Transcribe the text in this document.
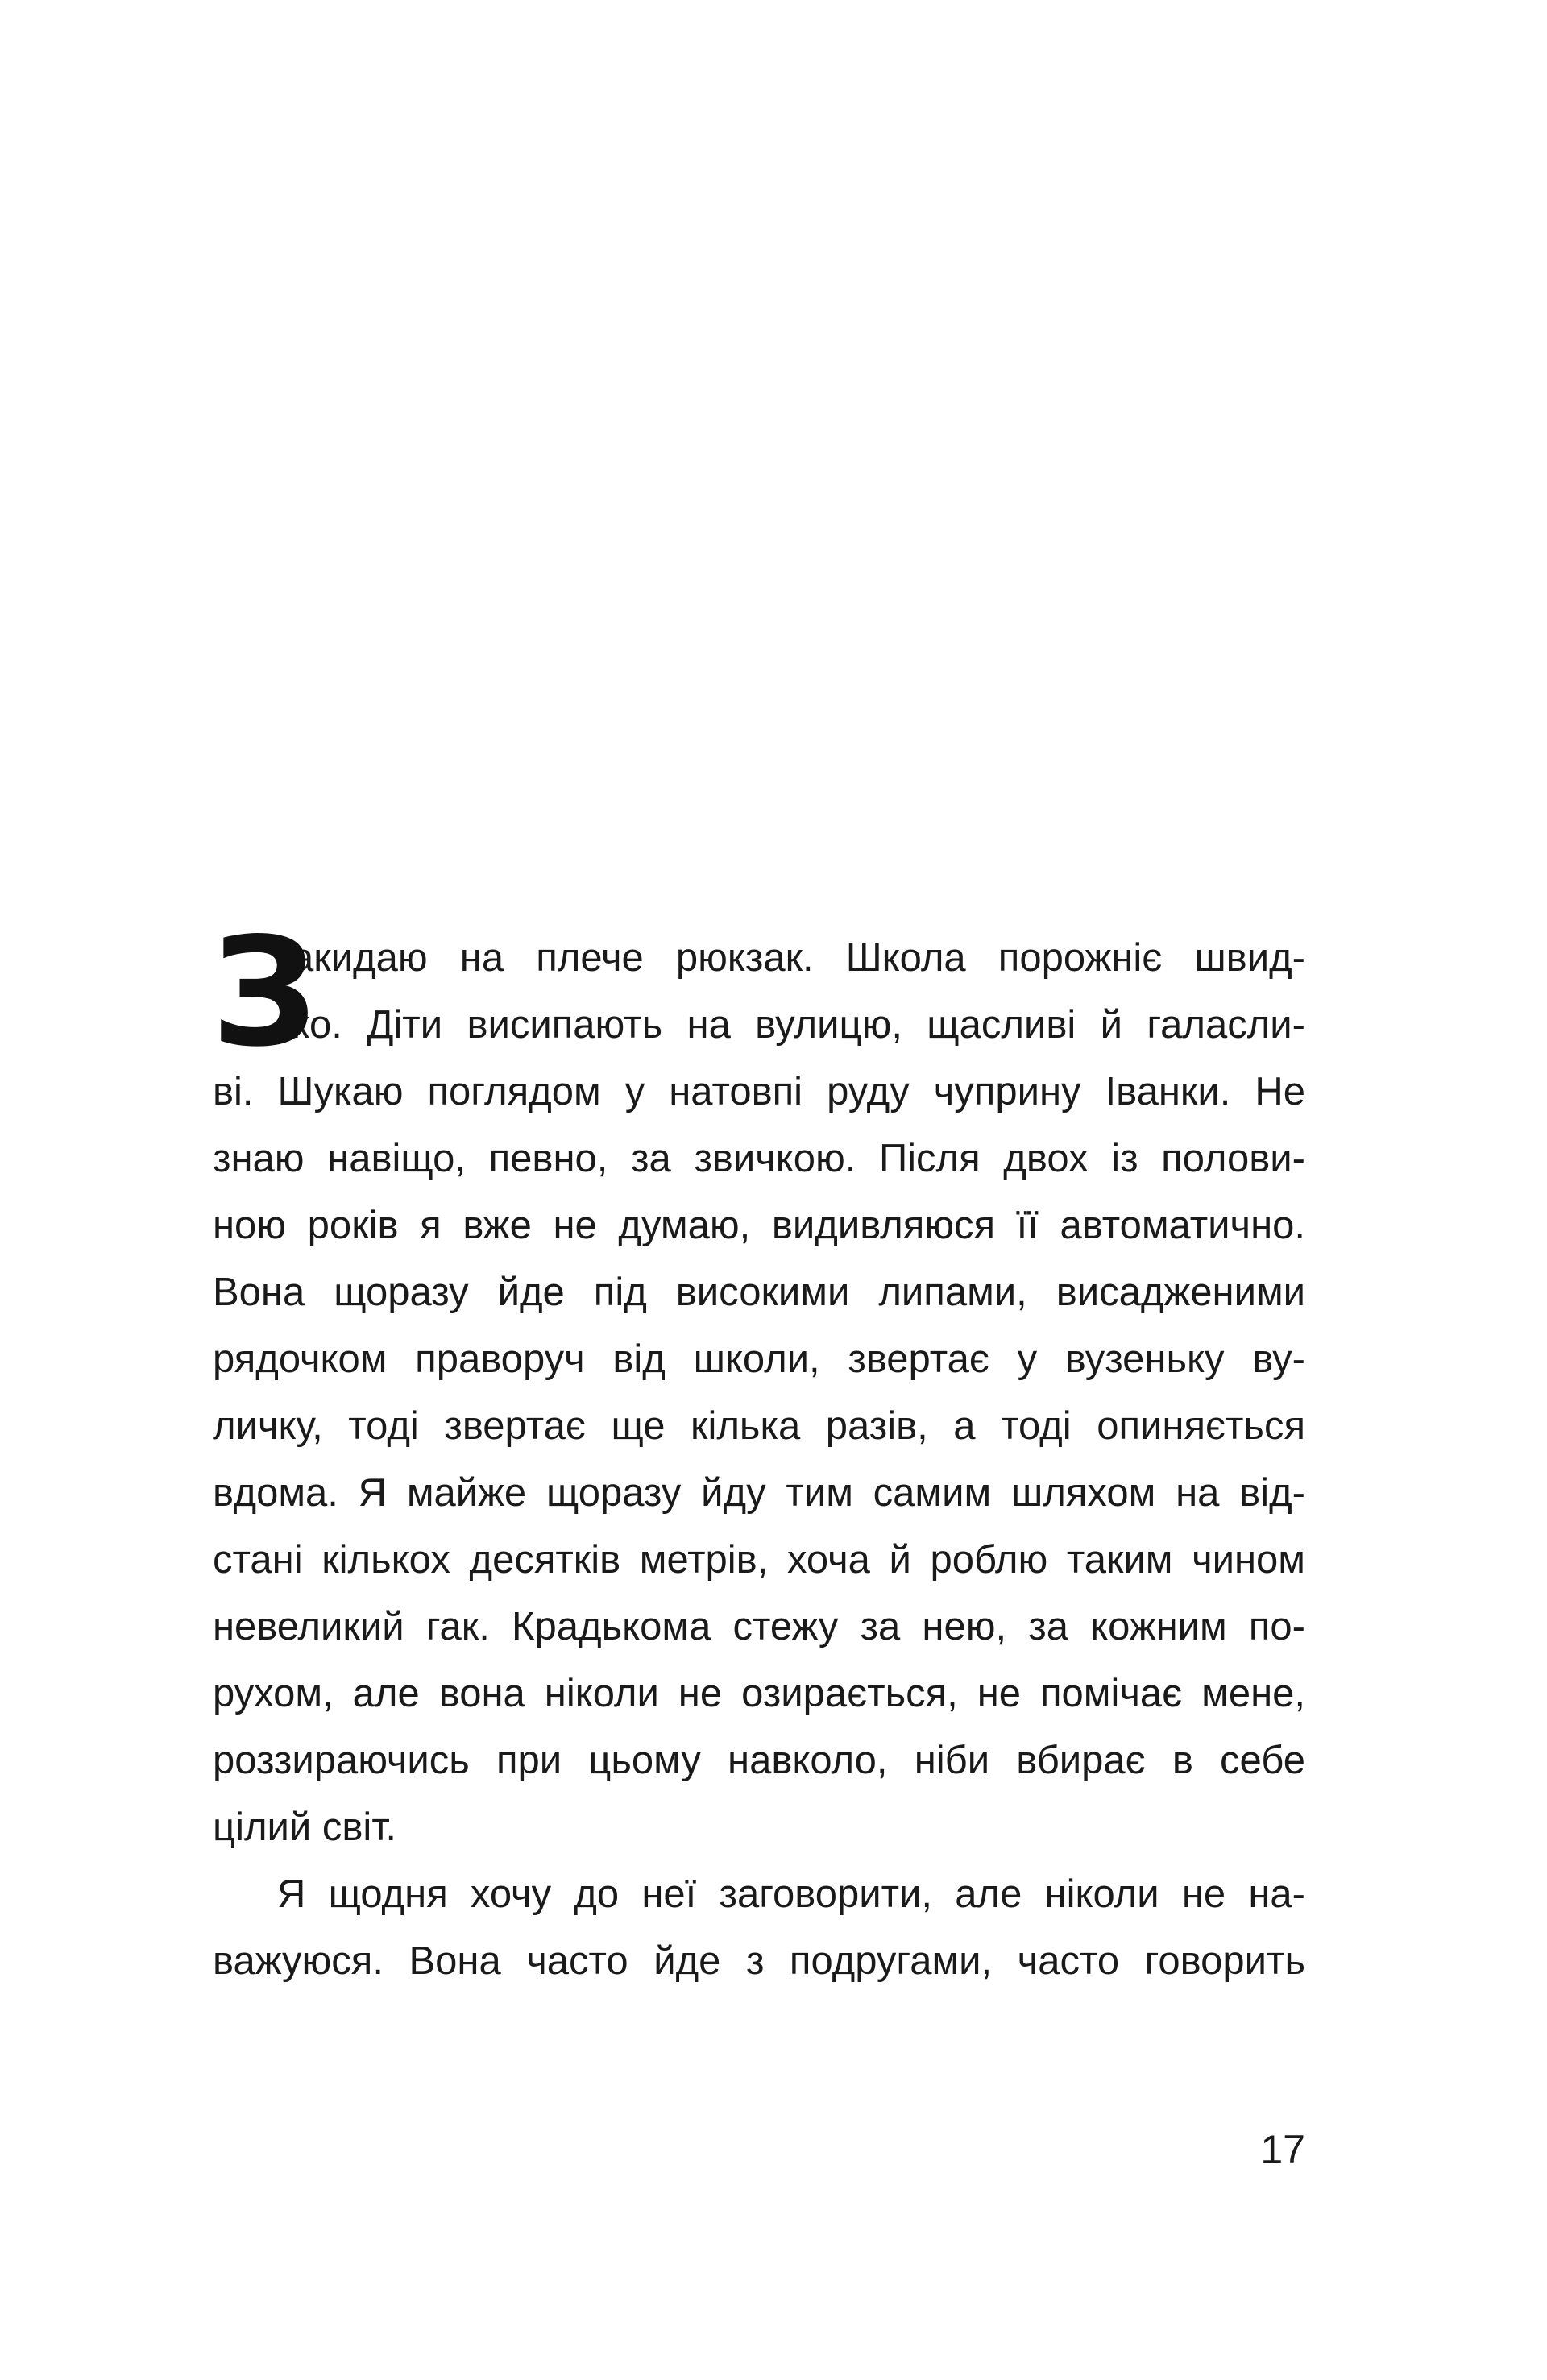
З
акидаю на плече рюкзак. Школа порожніє швид-
ко. Діти висипають на вулицю, щасливі й галасли-
ві. Шукаю поглядом у натовпі руду чуприну Іванки. Не
знаю навіщо, певно, за звичкою. Після двох із полови-
ною років я вже не думаю, видивляюся її автоматично.
Вона щоразу йде під високими липами, висадженими
рядочком праворуч від школи, звертає у вузеньку ву-
личку, тоді звертає ще кілька разів, а тоді опиняється
вдома. Я майже щоразу йду тим самим шляхом на від-
стані кількох десятків метрів, хоча й роблю таким чином
невеликий гак. Крадькома стежу за нею, за кожним по-
рухом, але вона ніколи не озирається, не помічає мене,
роззираючись при цьому навколо, ніби вбирає в себе
цілий світ.
Я щодня хочу до неї заговорити, але ніколи не на-
важуюся. Вона часто йде з подругами, часто говорить
17
